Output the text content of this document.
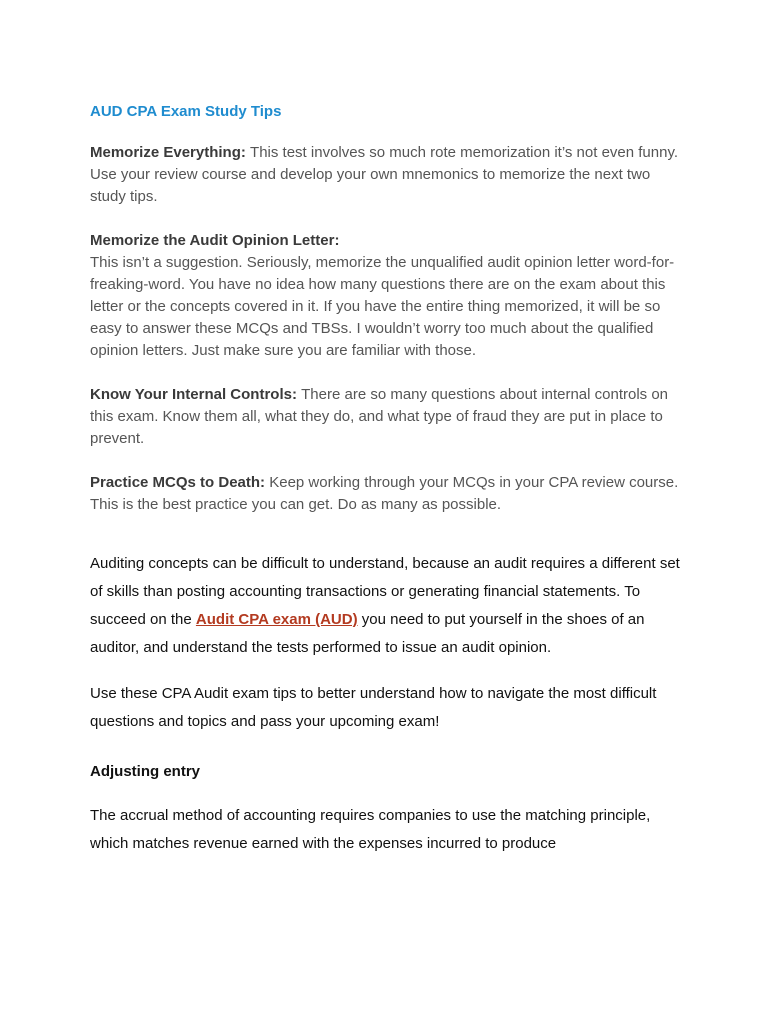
AUD CPA Exam Study Tips

Memorize Everything: This test involves so much rote memorization it’s not even funny. Use your review course and develop your own mnemonics to memorize the next two study tips.

Memorize the Audit Opinion Letter:
This isn’t a suggestion. Seriously, memorize the unqualified audit opinion letter word-for-freaking-word. You have no idea how many questions there are on the exam about this letter or the concepts covered in it. If you have the entire thing memorized, it will be so easy to answer these MCQs and TBSs. I wouldn’t worry too much about the qualified opinion letters. Just make sure you are familiar with those.

Know Your Internal Controls: There are so many questions about internal controls on this exam. Know them all, what they do, and what type of fraud they are put in place to prevent.

Practice MCQs to Death: Keep working through your MCQs in your CPA review course. This is the best practice you can get. Do as many as possible.

Auditing concepts can be difficult to understand, because an audit requires a different set of skills than posting accounting transactions or generating financial statements. To succeed on the Audit CPA exam (AUD) you need to put yourself in the shoes of an auditor, and understand the tests performed to issue an audit opinion.

Use these CPA Audit exam tips to better understand how to navigate the most difficult questions and topics and pass your upcoming exam!

Adjusting entry

The accrual method of accounting requires companies to use the matching principle, which matches revenue earned with the expenses incurred to produce
